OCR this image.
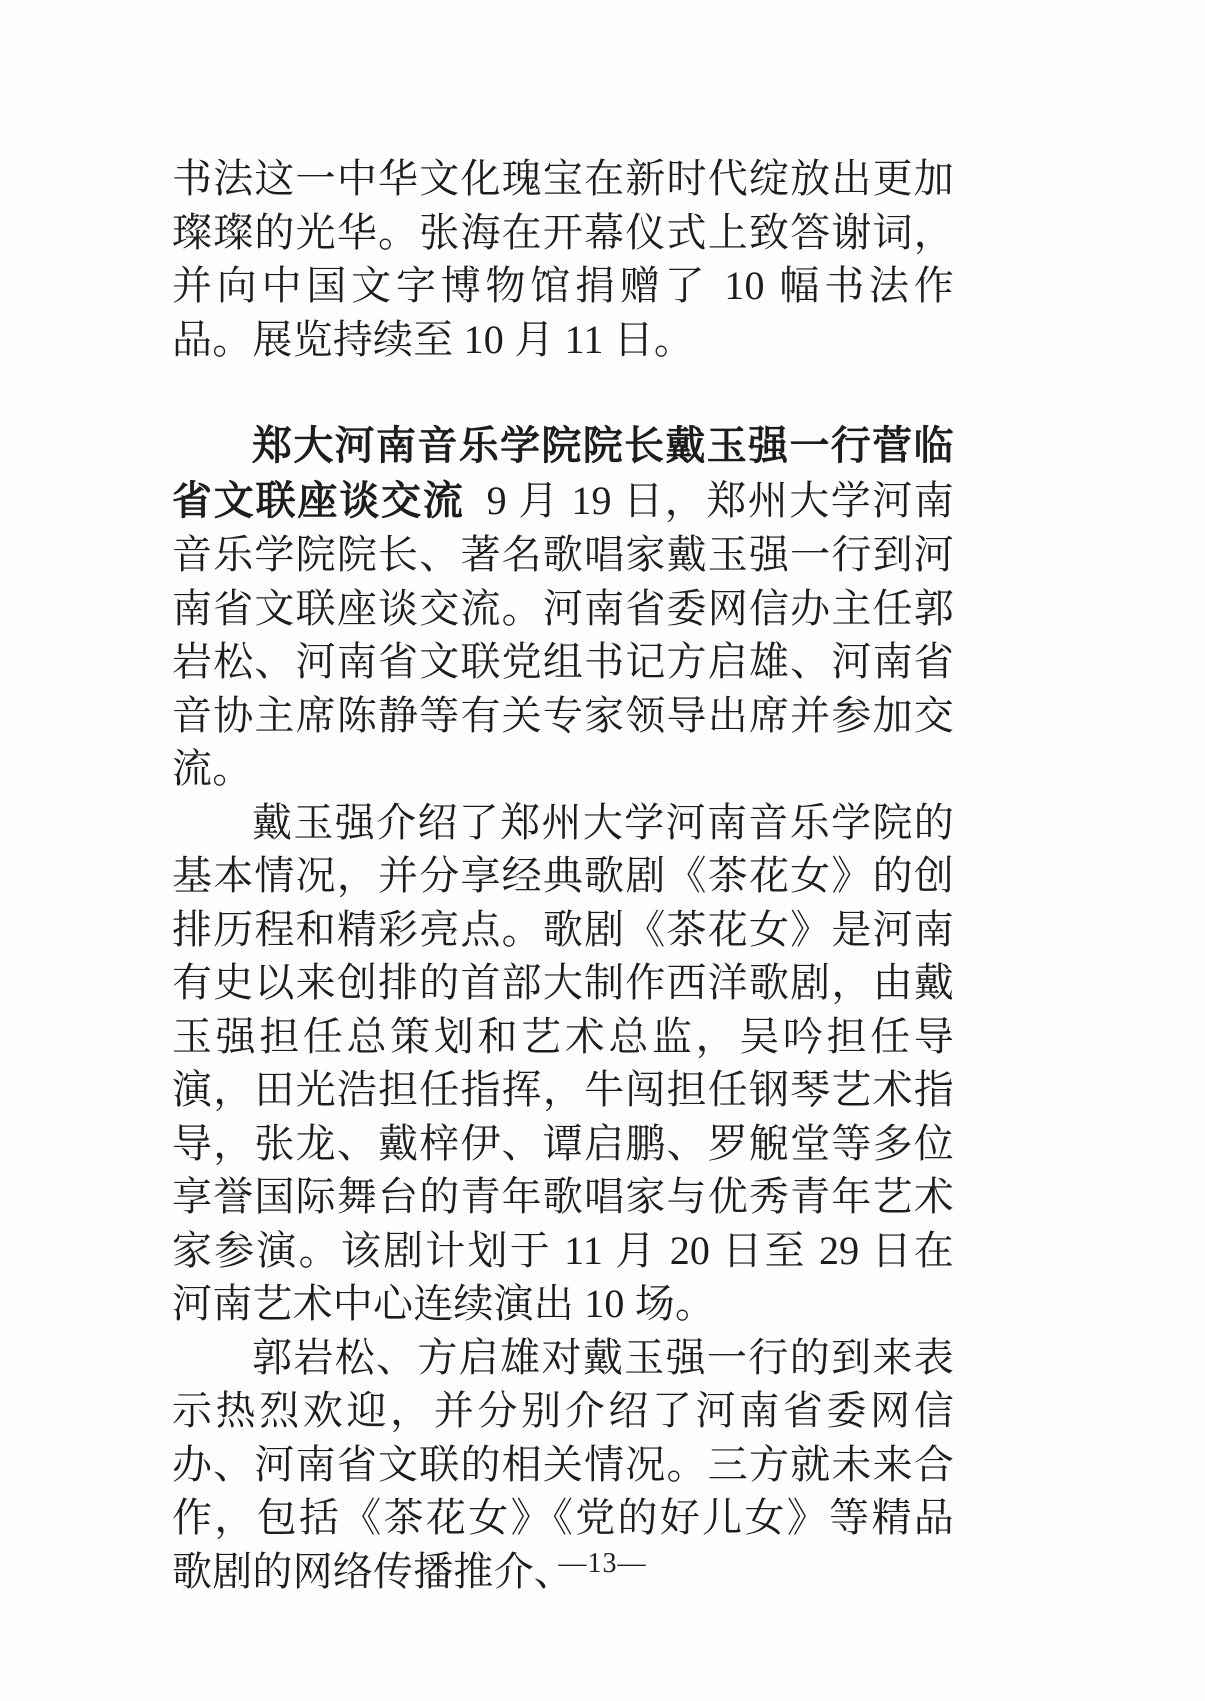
书法这一中华文化瑰宝在新时代绽放出更加璨璨的光华。张海在开幕仪式上致答谢词，并向中国文字博物馆捐赠了 10 幅书法作品。展览持续至 10 月 11 日。

郑大河南音乐学院院长戴玉强一行菅临省文联座谈交流 9 月 19 日，郑州大学河南音乐学院院长、著名歌唱家戴玉强一行到河南省文联座谈交流。河南省委网信办主任郭岩松、河南省文联党组书记方启雄、河南省音协主席陈静等有关专家领导出席并参加交流。

戴玉强介绍了郑州大学河南音乐学院的基本情况，并分享经典歌剧《茶花女》的创排历程和精彩亮点。歌剧《茶花女》是河南有史以来创排的首部大制作西洋歌剧，由戴玉强担任总策划和艺术总监，吴吟担任导演，田光浩担任指挥，牛闯担任钢琴艺术指导，张龙、戴梓伊、谭启鹏、罗觬堂等多位享誉国际舞台的青年歌唱家与优秀青年艺术家参演。该剧计划于 11 月 20 日至 29 日在河南艺术中心连续演出 10 场。

郭岩松、方启雄对戴玉强一行的到来表示热烈欢迎，并分别介绍了河南省委网信办、河南省文联的相关情况。三方就未来合作，包括《茶花女》《党的好儿女》等精品歌剧的网络传播推介、

—13—
